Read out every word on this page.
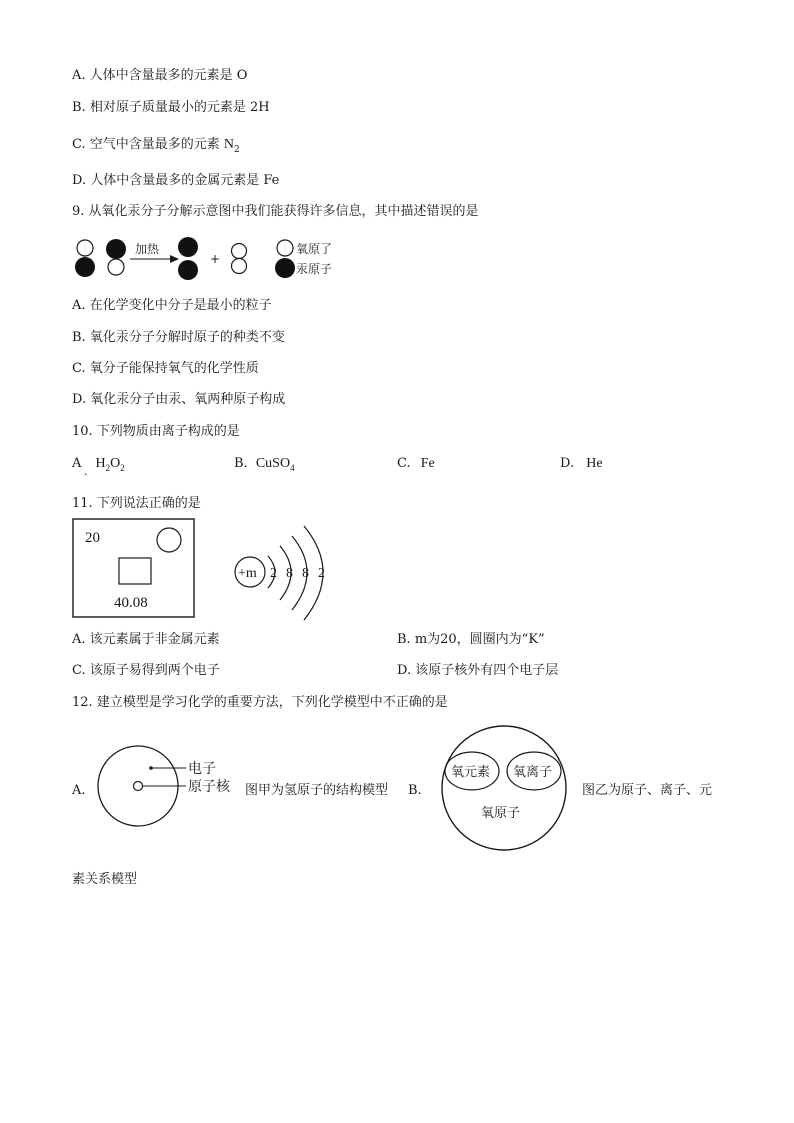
A. 人体中含量最多的元素是 O
B. 相对原子质量最小的元素是 2H
C. 空气中含量最多的元素 $N_2$
D. 人体中含量最多的金属元素是 Fe
9. 从氧化汞分子分解示意图中我们能获得许多信息，其中描述错误的是
加热
+
氧原了
汞原子
A. 在化学变化中分子是最小的粒子
B. 氧化汞分子分解时原子的种类不变
C. 氧分子能保持氧气的化学性质
D. 氧化汞分子由汞、氧两种原子构成
10. 下列物质由离子构成的是
A
.
$H_2O_2$	B. CuSO$_4$	C. Fe	D. He
11. 下列说法正确的是
20
40.08
+m 2 8 8 2
A. 该元素属于非金属元素	B. m为20，圆圈内为“K”
C. 该原子易得到两个电子	D. 该原子核外有四个电子层
12. 建立模型是学习化学的重要方法，下列化学模型中不正确的是
A.
电子
原子核 图甲为氢原子的结构模型 B.
氧元素 氧离子
氧原子
图乙为原子、离子、元
素关系模型
